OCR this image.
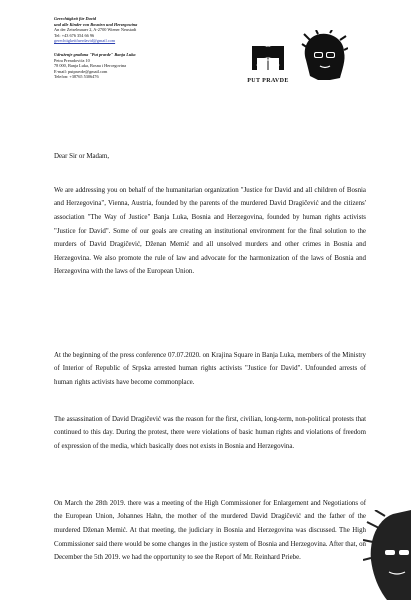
Gerechtigkeit für David
und alle Kinder von Bosnien und Herzegowina
An der Zeiselmauer 2, A-2700 Wiener Neustadt
Tel: +43 676 354 66 96
gerechtigkeitfuerdavid@gmail.com
Udruženje građana "Put pravde" Banja Luka
Petra Preradovića 10
78 000, Banja Luka, Bosna i Hercegovina
E-mail: putpravde@gmail.com
Telefon: +38765 5306476
PUT PRAVDE
Dear Sir or Madam,

We are addressing you on behalf of the humanitarian organization "Justice for David and all children of Bosnia and Herzegovina", Vienna, Austria, founded by the parents of the murdered David Dragičević and the citizens' association "The Way of Justice" Banja Luka, Bosnia and Herzegovina, founded by human rights activists "Justice for David". Some of our goals are creating an institutional environment for the final solution to the murders of David Dragičević, Dženan Memić and all unsolved murders and other crimes in Bosnia and Herzegovina. We also promote the rule of law and advocate for the harmonization of the laws of Bosnia and Herzegovina with the laws of the European Union.

At the beginning of the press conference 07.07.2020. on Krajina Square in Banja Luka, members of the Ministry of Interior of Republic of Srpska arrested human rights activists "Justice for David". Unfounded arrests of human rights activists have become commonplace.

The assassination of David Dragičević was the reason for the first, civilian, long-term, non-political protests that continued to this day. During the protest, there were violations of basic human rights and violations of freedom of expression of the media, which basically does not exists in Bosnia and Herzegovina.

On March the 28th 2019. there was a meeting of the High Commissioner for Enlargement and Negotiations of the European Union, Johannes Hahn, the mother of the murdered David Dragičević and the father of the murdered Dženan Memić. At that meeting, the judiciary in Bosnia and Herzegovina was discussed. The High Commissioner said there would be some changes in the justice system of Bosnia and Herzegovina. After that, on December the 5th 2019. we had the opportunity to see the Report of Mr. Reinhard Priebe.
